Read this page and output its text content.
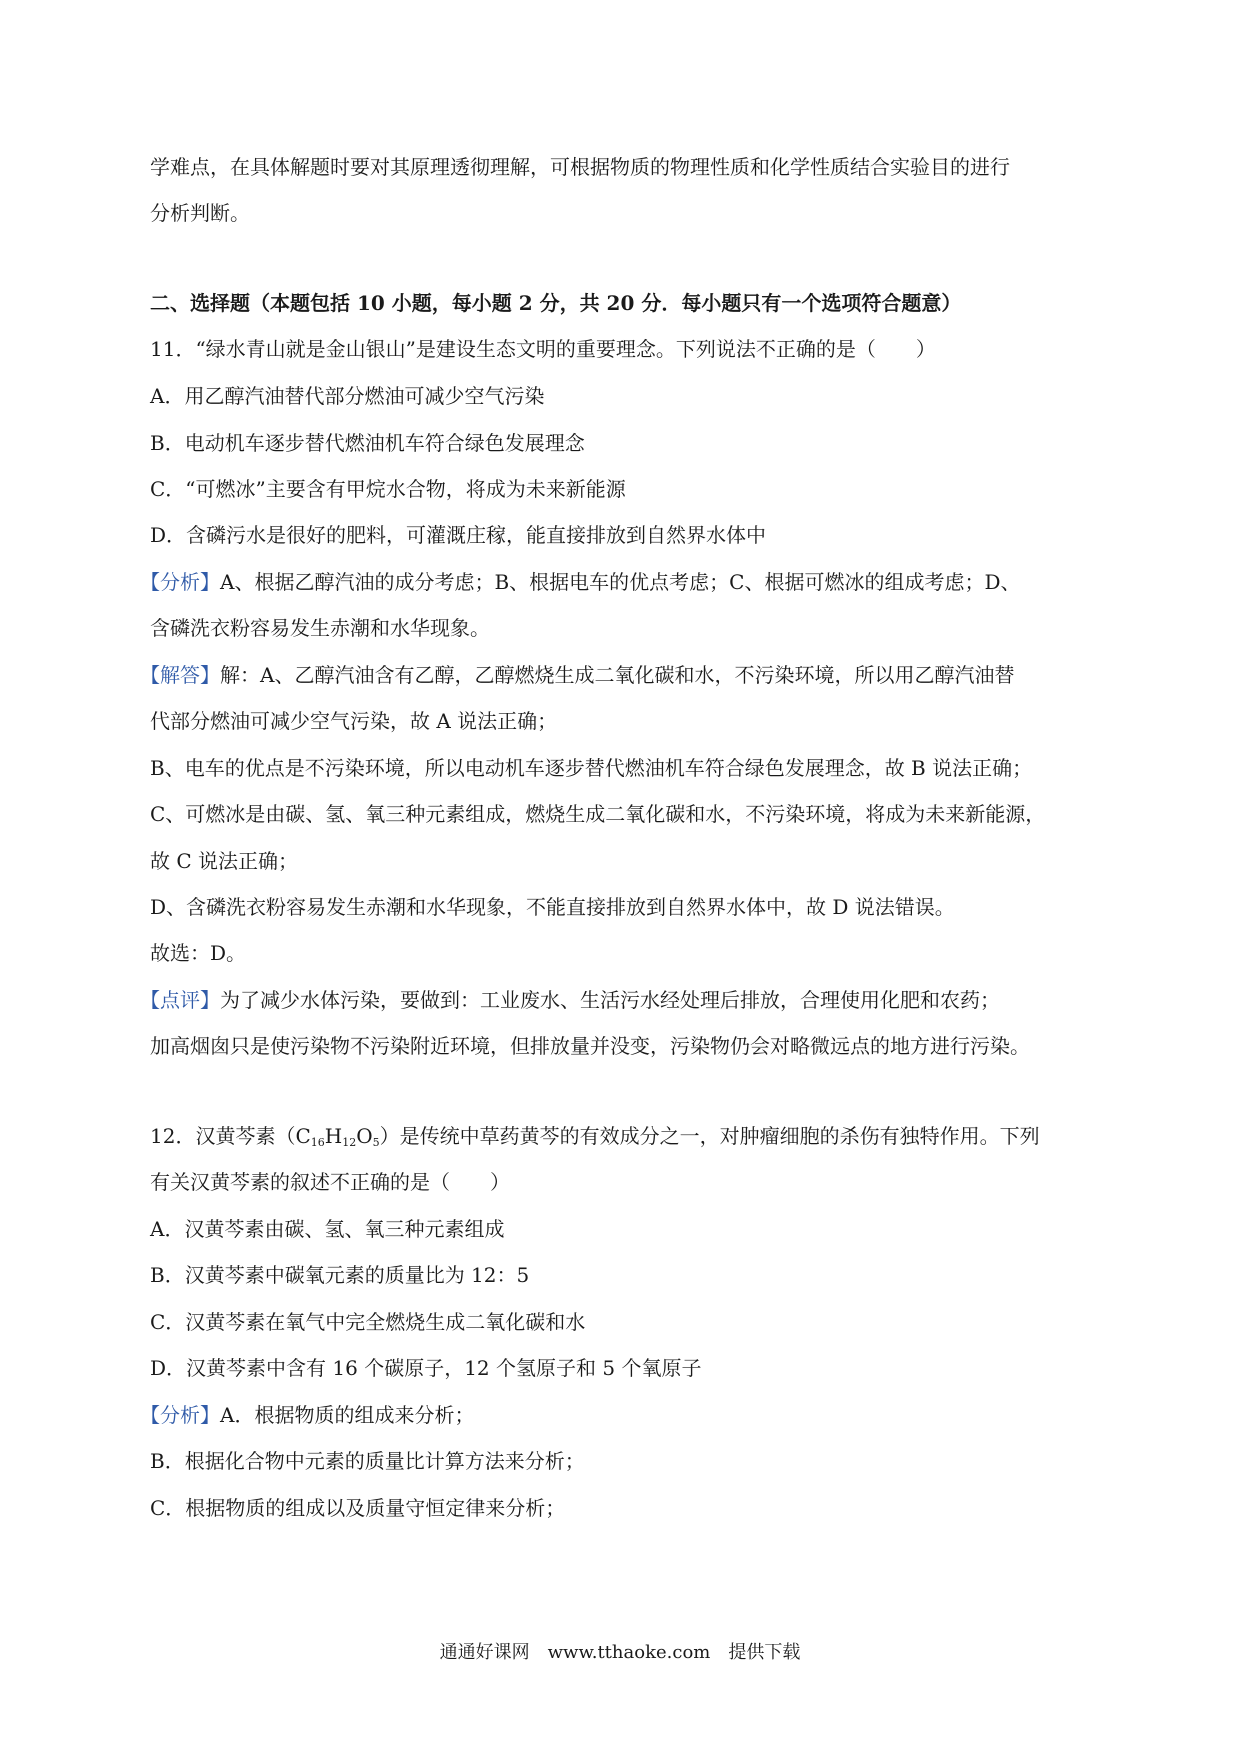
学难点，在具体解题时要对其原理透彻理解，可根据物质的物理性质和化学性质结合实验目的进行

分析判断。

二、选择题（本题包括 10 小题，每小题 2 分，共 20 分．每小题只有一个选项符合题意）

11．“绿水青山就是金山银山”是建设生态文明的重要理念。下列说法不正确的是（　　）

A．用乙醇汽油替代部分燃油可减少空气污染

B．电动机车逐步替代燃油机车符合绿色发展理念

C．“可燃冰”主要含有甲烷水合物，将成为未来新能源

D．含磷污水是很好的肥料，可灌溉庄稼，能直接排放到自然界水体中

【分析】A、根据乙醇汽油的成分考虑；B、根据电车的优点考虑；C、根据可燃冰的组成考虑；D、

含磷洗衣粉容易发生赤潮和水华现象。

【解答】解：A、乙醇汽油含有乙醇，乙醇燃烧生成二氧化碳和水，不污染环境，所以用乙醇汽油替

代部分燃油可减少空气污染，故 A 说法正确；

B、电车的优点是不污染环境，所以电动机车逐步替代燃油机车符合绿色发展理念，故 B 说法正确；

C、可燃冰是由碳、氢、氧三种元素组成，燃烧生成二氧化碳和水，不污染环境，将成为未来新能源，

故 C 说法正确；

D、含磷洗衣粉容易发生赤潮和水华现象，不能直接排放到自然界水体中，故 D 说法错误。

故选：D。

【点评】为了减少水体污染，要做到：工业废水、生活污水经处理后排放，合理使用化肥和农药；

加高烟囱只是使污染物不污染附近环境，但排放量并没变，污染物仍会对略微远点的地方进行污染。

12．汉黄芩素$(C_{16}H_{12}O_5)$是传统中草药黄芩的有效成分之一，对肿瘤细胞的杀伤有独特作用。下列

有关汉黄芩素的叙述不正确的是（　　）

A．汉黄芩素由碳、氢、氧三种元素组成

B．汉黄芩素中碳氧元素的质量比为 12：5

C．汉黄芩素在氧气中完全燃烧生成二氧化碳和水

D．汉黄芩素中含有 16 个碳原子，12 个氢原子和 5 个氧原子

【分析】A．根据物质的组成来分析；

B．根据化合物中元素的质量比计算方法来分析；

C．根据物质的组成以及质量守恒定律来分析；

通通好课网　www.tthaoke.com　提供下载
